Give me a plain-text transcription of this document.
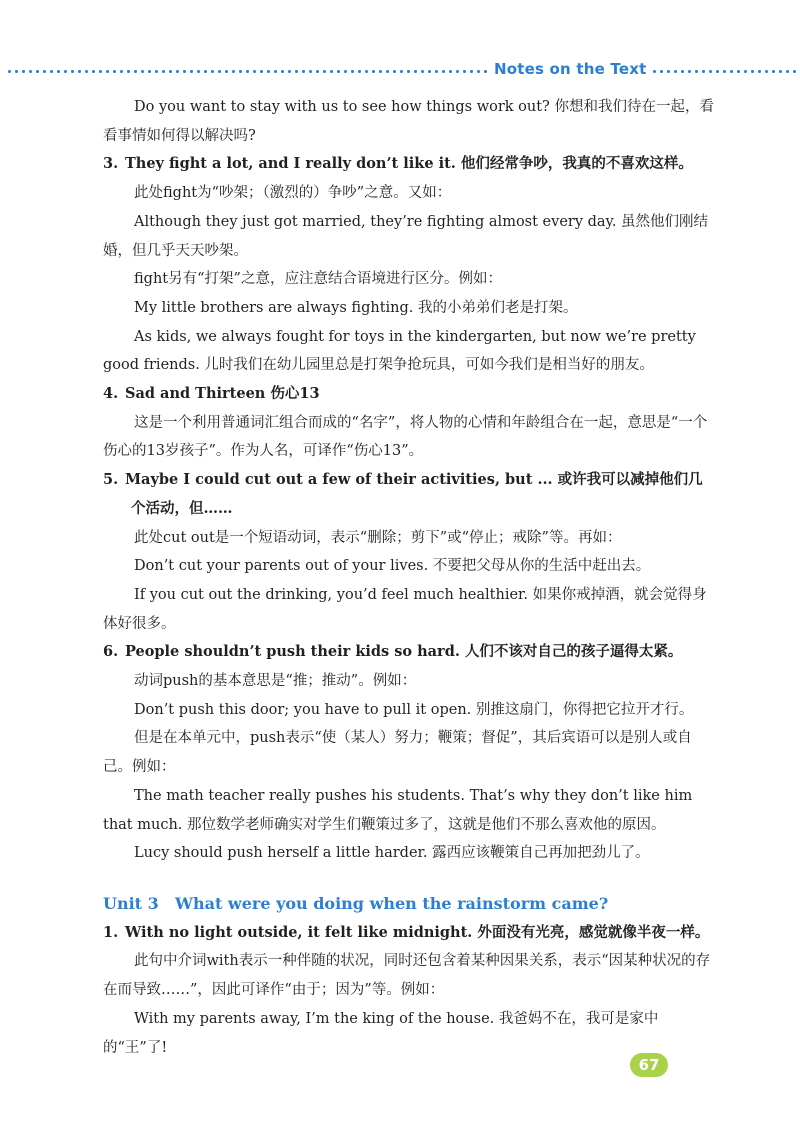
Notes on the Text

Do you want to stay with us to see how things work out? 你想和我们待在一起，看看事情如何得以解决吗?

3. They fight a lot, and I really don’t like it. 他们经常争吵，我真的不喜欢这样。

此处fight为“吵架；（激烈的）争吵”之意。又如：

Although they just got married, they’re fighting almost every day. 虽然他们刚结婚，但几乎天天吵架。

fight另有“打架”之意，应注意结合语境进行区分。例如：

My little brothers are always fighting. 我的小弟弟们老是打架。

As kids, we always fought for toys in the kindergarten, but now we’re pretty good friends. 儿时我们在幼儿园里总是打架争抢玩具，可如今我们是相当好的朋友。

4. Sad and Thirteen 伤心13

这是一个利用普通词汇组合而成的“名字”，将人物的心情和年龄组合在一起，意思是“一个伤心的13岁孩子”。作为人名，可译作“伤心13”。

5. Maybe I could cut out a few of their activities, but ... 或许我可以减掉他们几个活动，但……

此处cut out是一个短语动词，表示“删除；剪下”或“停止；戒除”等。再如：

Don’t cut your parents out of your lives. 不要把父母从你的生活中赶出去。

If you cut out the drinking, you’d feel much healthier. 如果你戒掉酒，就会觉得身体好很多。

6. People shouldn’t push their kids so hard. 人们不该对自己的孩子逼得太紧。

动词push的基本意思是“推；推动”。例如：

Don’t push this door; you have to pull it open. 别推这扇门，你得把它拉开才行。

但是在本单元中，push表示“使（某人）努力；鞭策；督促”，其后宾语可以是别人或自己。例如：

The math teacher really pushes his students. That’s why they don’t like him that much. 那位数学老师确实对学生们鞭策过多了，这就是他们不那么喜欢他的原因。

Lucy should push herself a little harder. 露西应该鞭策自己再加把劲儿了。

Unit 3 What were you doing when the rainstorm came?

1. With no light outside, it felt like midnight. 外面没有光亮，感觉就像半夜一样。

此句中介词with表示一种伴随的状况，同时还包含着某种因果关系，表示“因某种状况的存在而导致……”，因此可译作“由于；因为”等。例如：

With my parents away, I’m the king of the house. 我爸妈不在，我可是家中的“王”了!

67
